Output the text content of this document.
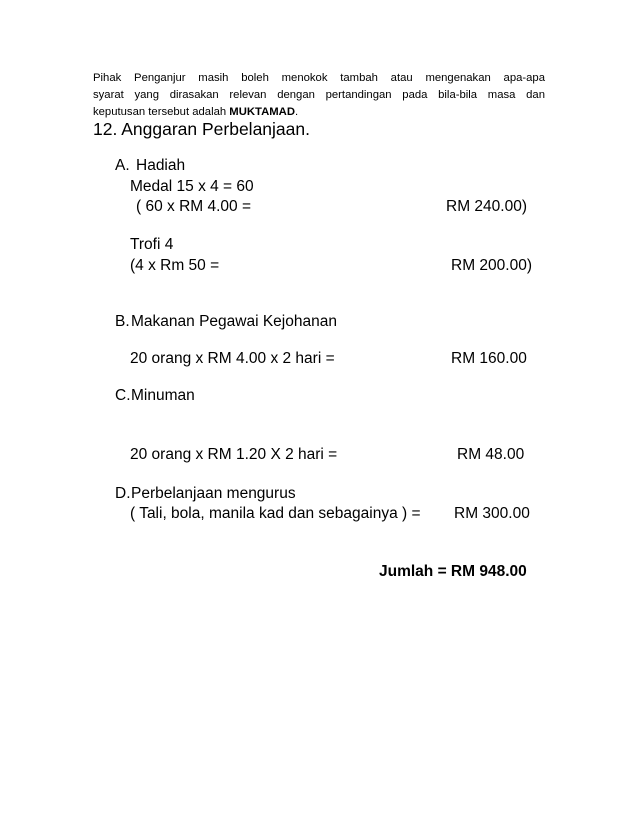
Pihak Penganjur masih boleh menokok tambah atau mengenakan apa-apa
syarat yang dirasakan relevan dengan pertandingan pada bila-bila masa dan
keputusan tersebut adalah MUKTAMAD.
12. Anggaran Perbelanjaan.
A. Hadiah
Medal 15 x 4 = 60
( 60 x RM 4.00 =	RM 240.00)
Trofi 4
(4 x Rm 50 =	RM 200.00)
B. Makanan Pegawai Kejohanan
20 orang x RM 4.00 x 2 hari =	RM 160.00
C. Minuman
20 orang x RM 1.20 X 2 hari =	RM 48.00
D. Perbelanjaan mengurus
( Tali, bola, manila kad dan sebagainya ) = RM 300.00
Jumlah = RM 948.00
